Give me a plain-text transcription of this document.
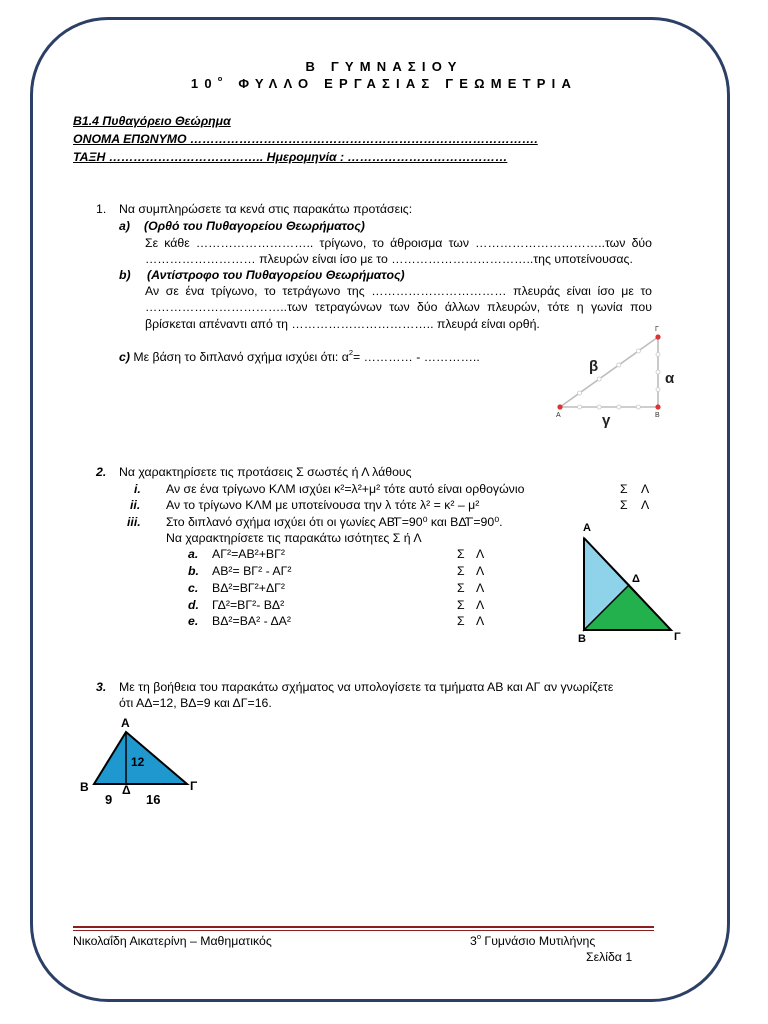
Β ΓΥΜΝΑΣΙΟΥ
$10^o$ ΦΥΛΛΟ ΕΡΓΑΣΙΑΣ ΓΕΩΜΕΤΡΙΑ
Β1.4 Πυθαγόρειο Θεώρημα
ΟΝΟΜΑ ΕΠΩΝΥΜΟ ………………………………………………………………………….
ΤΑΞΗ ……………………………….. Ημερομηνία : …………………………………
1. Να συμπληρώσετε τα κενά στις παρακάτω προτάσεις:
a) (Ορθό του Πυθαγορείου Θεωρήματος)
Σε κάθε ……………………….. τρίγωνο, το άθροισμα των …………………………..των δύο
……………………… πλευρών είναι ίσο με το ……………………………..της υποτείνουσας.
b) (Αντίστροφο του Πυθαγορείου Θεωρήματος)
Αν σε ένα τρίγωνο, το τετράγωνο της …………………………… πλευράς είναι ίσο με το
……………………………..των τετραγώνων των δύο άλλων πλευρών, τότε η γωνία που
βρίσκεται απέναντι από τη …………………………….. πλευρά είναι ορθή.
c) Με βάση το διπλανό σχήμα ισχύει ότι: $\alpha^2=$ ………… - …………..
β
α
γ
Α	Β
Γ
2. Να χαρακτηρίσετε τις προτάσεις Σ σωστές ή Λ λάθους
i. Αν σε ένα τρίγωνο ΚΛΜ ισχύει κ²=λ²+μ² τότε αυτό είναι ορθογώνιο	Σ Λ
ii. Αν το τρίγωνο ΚΛΜ με υποτείνουσα την λ τότε λ² = κ² – μ²	Σ Λ
iii. Στο διπλανό σχήμα ισχύει ότι οι γωνίες ΑΒ̂Γ=90⁰ και ΒΔ̂Γ=90⁰.
Να χαρακτηρίσετε τις παρακάτω ισότητες Σ ή Λ
a. ΑΓ²=ΑΒ²+ΒΓ²	Σ Λ
b. ΑΒ²= ΒΓ² - ΑΓ²	Σ Λ
c. ΒΔ²=ΒΓ²+ΔΓ²	Σ Λ
d. ΓΔ²=ΒΓ²- ΒΔ²	Σ Λ
e. ΒΔ²=ΒΑ² - ΔΑ²	Σ Λ
Α
Δ
Β	Γ
3. Με τη βοήθεια του παρακάτω σχήματος να υπολογίσετε τα τμήματα ΑΒ και ΑΓ αν γνωρίζετε
ότι ΑΔ=12, ΒΔ=9 και ΔΓ=16.
Α
Β	Δ	Γ
12
9	16
Νικολαΐδη Αικατερίνη – Μαθηματικός	$3^o$ Γυμνάσιο Μυτιλήνης
Σελίδα 1
